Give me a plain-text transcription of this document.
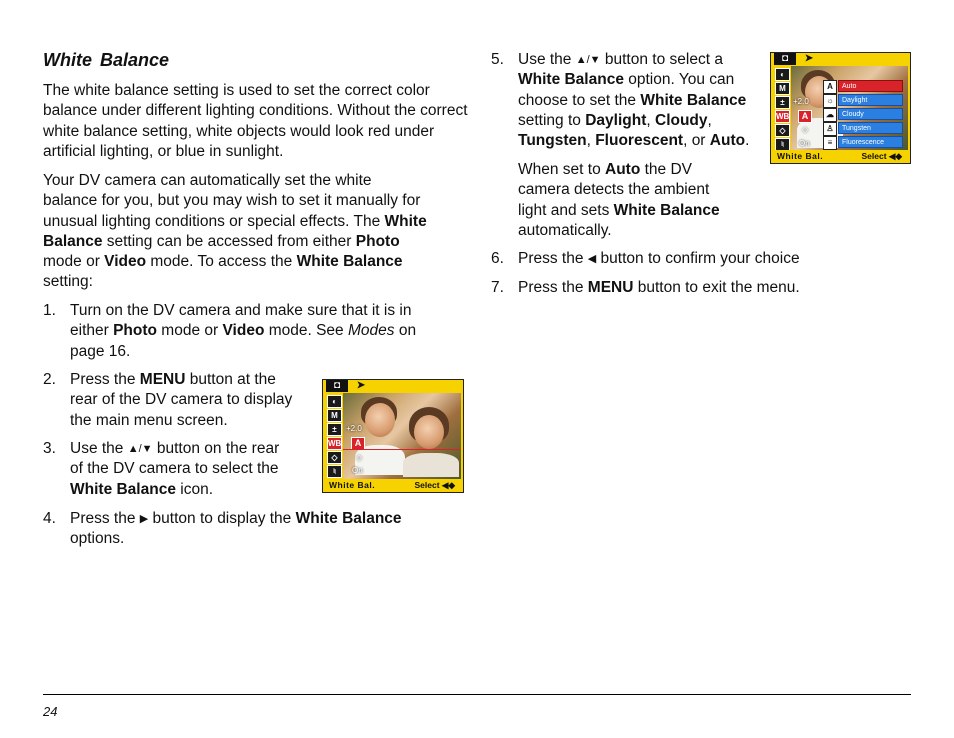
White Balance
The white balance setting is used to set the correct color balance under different lighting conditions. Without the correct white balance setting, white objects would look red under artificial lighting, or blue in sunlight.
Your DV camera can automatically set the white
balance for you, but you may wish to set it manually for
unusual lighting conditions or special effects. The White
Balance setting can be accessed from either Photo
mode or Video mode. To access the White Balance
setting:
1. Turn on the DV camera and make sure that it is in
either Photo mode or Video mode. See Modes on
page 16.
2. Press the MENU button at the
rear of the DV camera to display
the main menu screen.
3. Use the ▲/▼ button on the rear
of the DV camera to select the
White Balance icon.
4. Press the ▶ button to display the White Balance
options.
◘	➤
◐
M
±
WB
◇
♮
+2.0
A
◇
On
White Bal.	Select ◀◆
5. Use the ▲/▼ button to select a
White Balance option. You can
choose to set the White Balance
setting to Daylight, Cloudy,
Tungsten, Fluorescent, or Auto.
When set to Auto the DV
camera detects the ambient
light and sets White Balance
automatically.
6. Press the ◀ button to confirm your choice
7. Press the MENU button to exit the menu.
◘	➤
◐
M
±
WB
◇
♮
+2.0
A
◇
On
A	Auto
☼	Daylight
☁	Cloudy
♙	Tungsten
≡	Fluorescence
White Bal.	Select ◀◆
24
